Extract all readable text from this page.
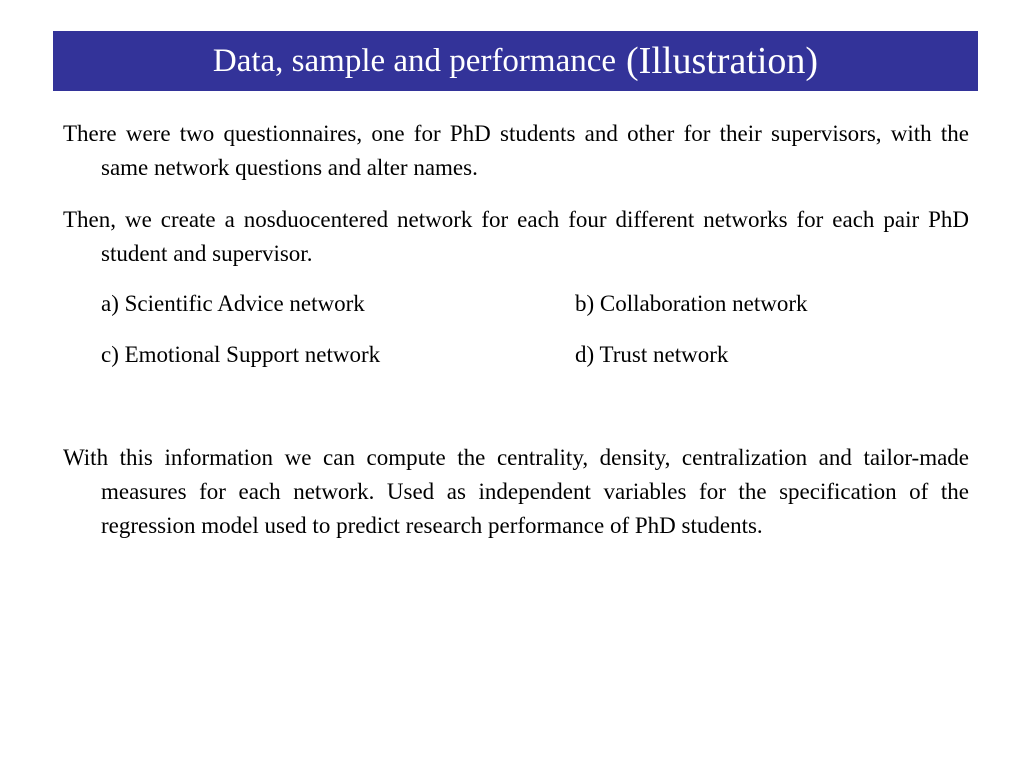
Data, sample and performance (Illustration)

There were two questionnaires, one for PhD students and other for their supervisors, with the same network questions and alter names.

Then, we create a nosduocentered network for each four different networks for each pair PhD student and supervisor.

a) Scientific Advice network	b) Collaboration network
c) Emotional Support network	d) Trust network

With this information we can compute the centrality, density, centralization and tailor-made measures for each network. Used as independent variables for the specification of the regression model used to predict research performance of PhD students.
